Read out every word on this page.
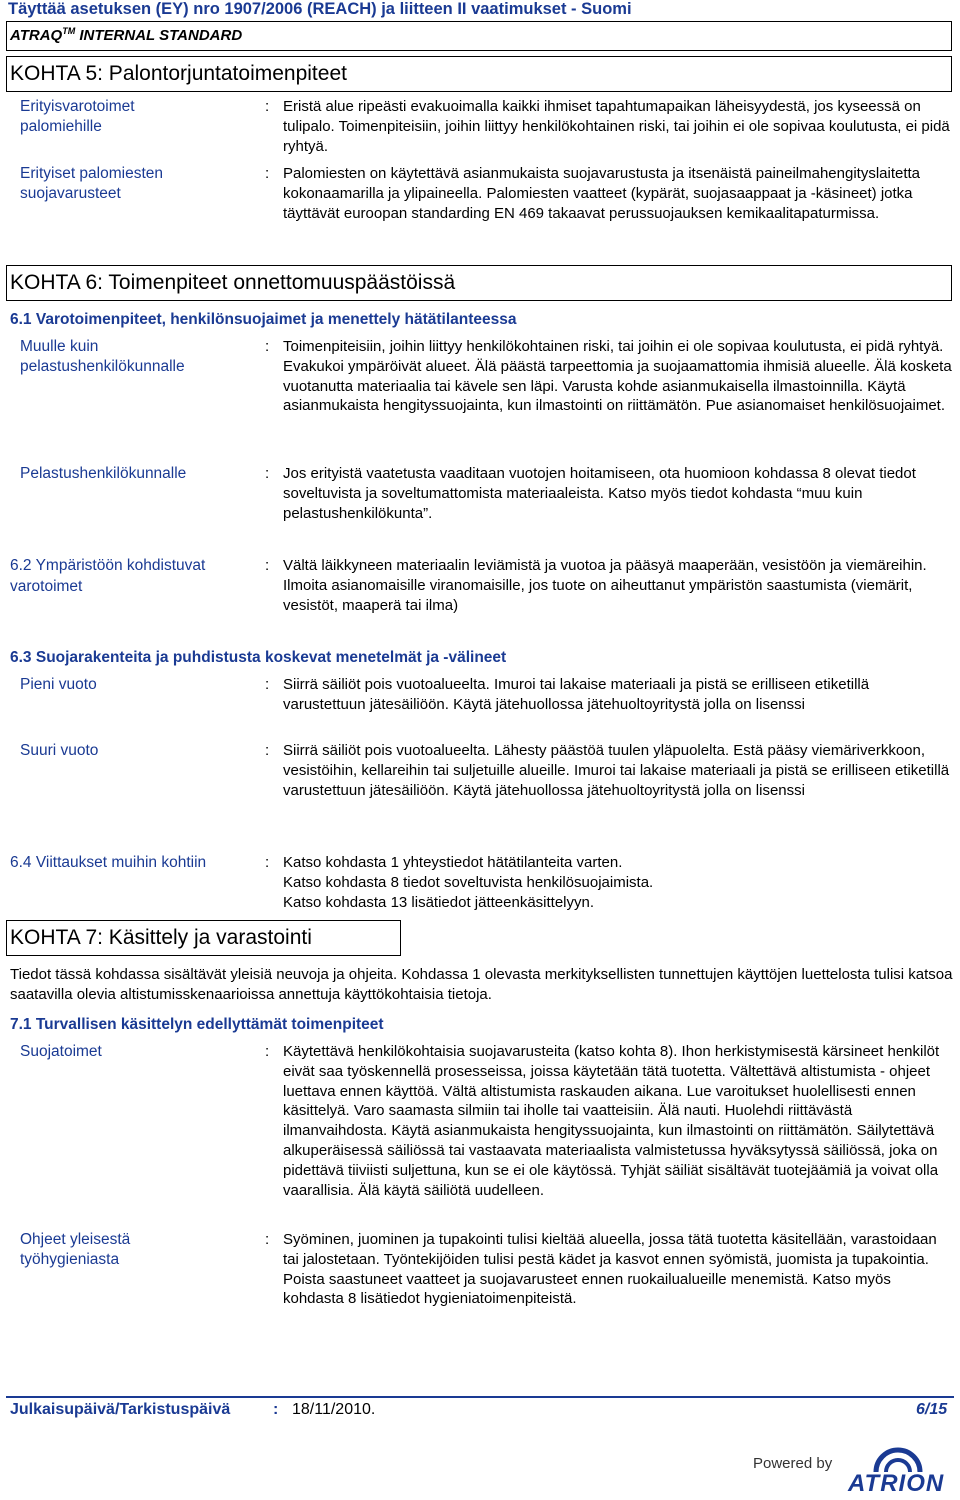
Täyttää asetuksen (EY) nro 1907/2006 (REACH) ja liitteen II vaatimukset - Suomi
ATRAQ™ INTERNAL STANDARD
KOHTA 5: Palontorjuntatoimenpiteet
Erityisvarotoimet palomiehille
: Eristä alue ripeästi evakuoimalla kaikki ihmiset tapahtumapaikan läheisyydestä, jos kyseessä on tulipalo. Toimenpiteisiin, joihin liittyy henkilökohtainen riski, tai joihin ei ole sopivaa koulutusta, ei pidä ryhtyä.
Erityiset palomiesten suojavarusteet
: Palomiesten on käytettävä asianmukaista suojavarustusta ja itsenäistä paineilmahengityslaitetta kokonaamarilla ja ylipaineella. Palomiesten vaatteet (kypärät, suojasaappaat ja -käsineet) jotka täyttävät euroopan standarding EN 469 takaavat perussuojauksen kemikaalitapaturmissa.
KOHTA 6: Toimenpiteet onnettomuuspäästöissä
6.1 Varotoimenpiteet, henkilönsuojaimet ja menettely hätätilanteessa
Muulle kuin pelastushenkilökunnalle
: Toimenpiteisiin, joihin liittyy henkilökohtainen riski, tai joihin ei ole sopivaa koulutusta, ei pidä ryhtyä. Evakukoi ympäröivät alueet. Älä päästä tarpeettomia ja suojaamattomia ihmisiä alueelle. Älä kosketa vuotanutta materiaalia tai kävele sen läpi. Varusta kohde asianmukaisella ilmastoinnilla. Käytä asianmukaista hengityssuojainta, kun ilmastointi on riittämätön. Pue asianomaiset henkilösuojaimet.
Pelastushenkilökunnalle	: Jos erityistä vaatetusta vaaditaan vuotojen hoitamiseen, ota huomioon kohdassa 8 olevat tiedot soveltuvista ja soveltumattomista materiaaleista. Katso myös tiedot kohdasta “muu kuin pelastushenkilökunta”.
6.2 Ympäristöön kohdistuvat varotoimet
: Vältä läikkyneen materiaalin leviämistä ja vuotoa ja pääsyä maaperään, vesistöön ja viemäreihin. Ilmoita asianomaisille viranomaisille, jos tuote on aiheuttanut ympäristön saastumista (viemärit, vesistöt, maaperä tai ilma)
6.3 Suojarakenteita ja puhdistusta koskevat menetelmät ja -välineet
Pieni vuoto	: Siirrä säiliöt pois vuotoalueelta. Imuroi tai lakaise materiaali ja pistä se erilliseen etiketillä varustettuun jätesäiliöön. Käytä jätehuollossa jätehuoltoyritystä jolla on lisenssi
Suuri vuoto	: Siirrä säiliöt pois vuotoalueelta. Lähesty päästöä tuulen yläpuolelta. Estä pääsy viemäriverkkoon, vesistöihin, kellareihin tai suljetuille alueille. Imuroi tai lakaise materiaali ja pistä se erilliseen etiketillä varustettuun jätesäiliöön. Käytä jätehuollossa jätehuoltoyritystä jolla on lisenssi
6.4 Viittaukset muihin kohtiin	: Katso kohdasta 1 yhteystiedot hätätilanteita varten.

Katso kohdasta 8 tiedot soveltuvista henkilösuojaimista.

Katso kohdasta 13 lisätiedot jätteenkäsittelyyn.

KOHTA 7: Käsittely ja varastointi
Tiedot tässä kohdassa sisältävät yleisiä neuvoja ja ohjeita. Kohdassa 1 olevasta merkityksellisten tunnettujen käyttöjen luettelosta tulisi katsoa saatavilla olevia altistumisskenaarioissa annettuja käyttökohtaisia tietoja.
7.1 Turvallisen käsittelyn edellyttämät toimenpiteet
Suojatoimet	: Käytettävä henkilökohtaisia suojavarusteita (katso kohta 8). Ihon herkistymisestä kärsineet henkilöt eivät saa työskennellä prosesseissa, joissa käytetään tätä tuotetta. Vältettävä altistumista - ohjeet luettava ennen käyttöä. Vältä altistumista raskauden aikana. Lue varoitukset huolellisesti ennen käsittelyä. Varo saamasta silmiin tai iholle tai vaatteisiin. Älä nauti. Huolehdi riittävästä ilmanvaihdosta. Käytä asianmukaista hengityssuojainta, kun ilmastointi on riittämätön. Säilytettävä alkuperäisessä säiliössä tai vastaavata materiaalista valmistetussa hyväksytyssä säiliössä, joka on pidettävä tiiviisti suljettuna, kun se ei ole käytössä. Tyhjät säiliät sisältävät tuotejäämiä ja voivat olla vaarallisia. Älä käytä säiliötä uudelleen.
Ohjeet yleisestä työhygieniasta
: Syöminen, juominen ja tupakointi tulisi kieltää alueella, jossa tätä tuotetta käsitellään, varastoidaan tai jalostetaan. Työntekijöiden tulisi pestä kädet ja kasvot ennen syömistä, juomista ja tupakointia. Poista saastuneet vaatteet ja suojavarusteet ennen ruokailualueille menemistä. Katso myös kohdasta 8 lisätiedot hygieniatoimenpiteistä.
Julkaisupäivä/Tarkistuspäivä	: 18/11/2010.	6/15
Powered by
ATRION
